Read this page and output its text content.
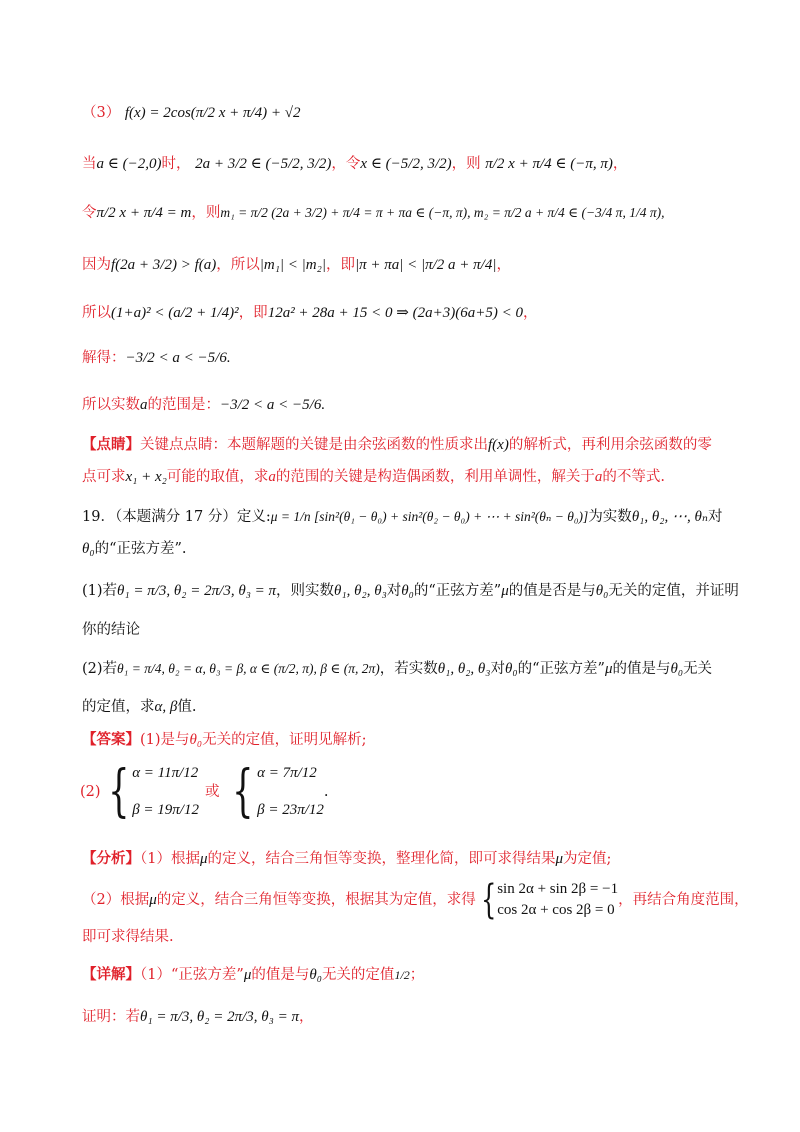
（3） f(x) = 2cos(π/2 x + π/4) + √2
当a ∈ (−2,0)时， 2a + 3/2 ∈ (−5/2, 3/2)，令x ∈ (−5/2, 3/2)，则 π/2 x + π/4 ∈ (−π, π)，
令π/2 x + π/4 = m，则m₁ = π/2 (2a + 3/2) + π/4 = π + πa ∈ (−π, π), m₂ = π/2 a + π/4 ∈ (−3/4 π, 1/4 π),
因为f(2a + 3/2) > f(a)，所以|m₁| < |m₂|，即|π + πa| < |π/2 a + π/4|，
所以(1+a)² < (a/2 + 1/4)²，即12a² + 28a + 15 < 0 ⇒ (2a+3)(6a+5) < 0，
解得：−3/2 < a < −5/6.
所以实数a的范围是：−3/2 < a < −5/6.
【点睛】关键点点睛：本题解题的关键是由余弦函数的性质求出f(x)的解析式，再利用余弦函数的零
点可求x₁ + x₂可能的取值，求a的范围的关键是构造偶函数，利用单调性，解关于a的不等式.
19．（本题满分 17 分）定义:μ = 1/n [sin²(θ₁ − θ₀) + sin²(θ₂ − θ₀) + ⋯ + sin²(θₙ − θ₀)]为实数θ₁, θ₂, ⋯, θₙ对
θ₀的“正弦方差”.
(1)若θ₁ = π/3, θ₂ = 2π/3, θ₃ = π，则实数θ₁, θ₂, θ₃对θ₀的“正弦方差”μ的值是否是与θ₀无关的定值，并证明
你的结论
(2)若θ₁ = π/4, θ₂ = α, θ₃ = β, α ∈ (π/2, π), β ∈ (π, 2π)，若实数θ₁, θ₂, θ₃对θ₀的“正弦方差”μ的值是与θ₀无关
的定值，求α, β值.
【答案】(1)是与θ₀无关的定值，证明见解析;
(2) { α = 11π/12
β = 19π/12
或 { α = 7π/12
β = 23π/12
.
【分析】（1）根据μ的定义，结合三角恒等变换，整理化简，即可求得结果μ为定值;
（2）根据 μ 的定义，结合三角恒等变换，根据其为定值，求得 { sin 2α + sin 2β = −1
cos 2α + cos 2β = 0
，再结合角度范围，
即可求得结果.
【详解】（1）“正弦方差”μ的值是与θ₀无关的定值1/2；
证明：若θ₁ = π/3, θ₂ = 2π/3, θ₃ = π，
